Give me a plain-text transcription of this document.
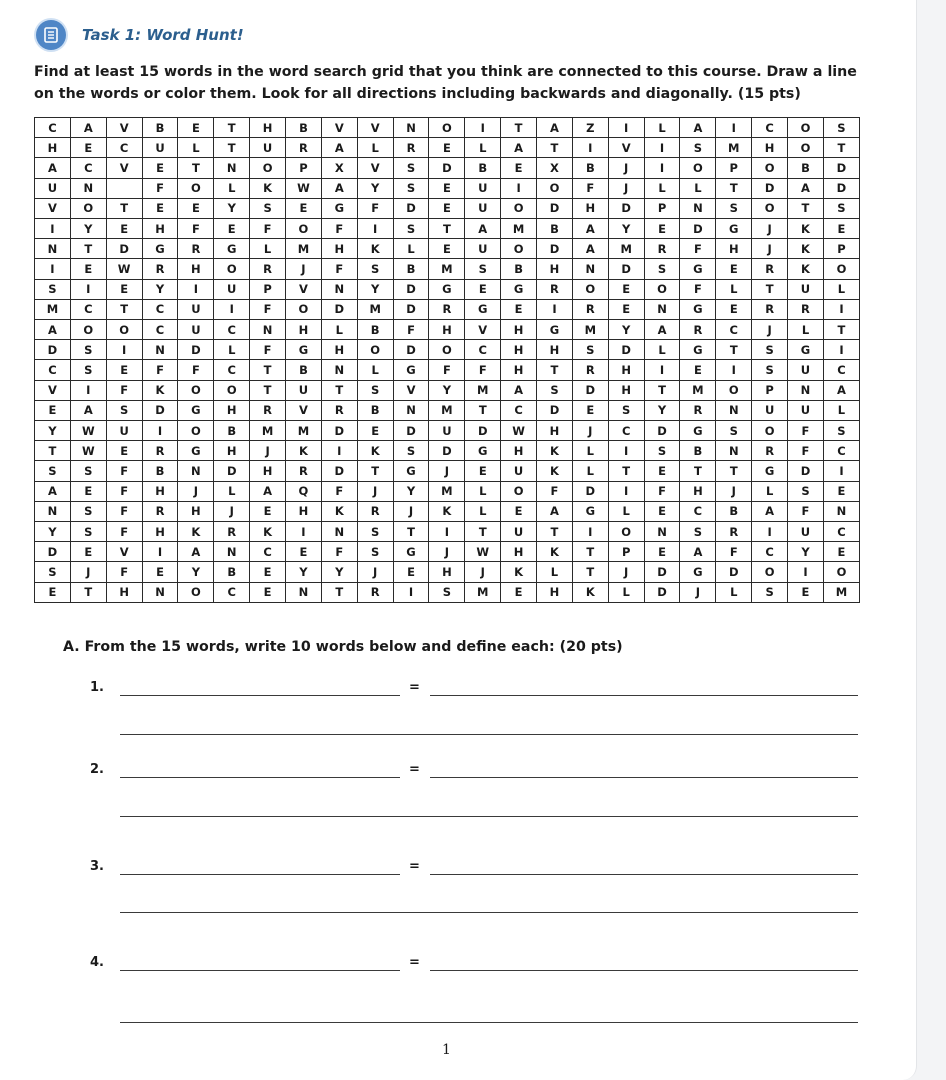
Task 1: Word Hunt!
Find at least 15 words in the word search grid that you think are connected to this course. Draw a line on the words or color them. Look for all directions including backwards and diagonally. (15 pts)
C	A	V	B	E	T	H	B	V	V	N	O	I	T	A	Z	I	L	A	I	C	O	S
H	E	C	U	L	T	U	R	A	L	R	E	L	A	T	I	V	I	S	M	H	O	T
A	C	V	E	T	N	O	P	X	V	S	D	B	E	X	B	J	I	O	P	O	B	D
U	N		F	O	L	K	W	A	Y	S	E	U	I	O	F	J	L	L	T	D	A	D
V	O	T	E	E	Y	S	E	G	F	D	E	U	O	D	H	D	P	N	S	O	T	S
I	Y	E	H	F	E	F	O	F	I	S	T	A	M	B	A	Y	E	D	G	J	K	E
N	T	D	G	R	G	L	M	H	K	L	E	U	O	D	A	M	R	F	H	J	K	P
I	E	W	R	H	O	R	J	F	S	B	M	S	B	H	N	D	S	G	E	R	K	O
S	I	E	Y	I	U	P	V	N	Y	D	G	E	G	R	O	E	O	F	L	T	U	L
M	C	T	C	U	I	F	O	D	M	D	R	G	E	I	R	E	N	G	E	R	R	I
A	O	O	C	U	C	N	H	L	B	F	H	V	H	G	M	Y	A	R	C	J	L	T
D	S	I	N	D	L	F	G	H	O	D	O	C	H	H	S	D	L	G	T	S	G	I
C	S	E	F	F	C	T	B	N	L	G	F	F	H	T	R	H	I	E	I	S	U	C
V	I	F	K	O	O	T	U	T	S	V	Y	M	A	S	D	H	T	M	O	P	N	A
E	A	S	D	G	H	R	V	R	B	N	M	T	C	D	E	S	Y	R	N	U	U	L
Y	W	U	I	O	B	M	M	D	E	D	U	D	W	H	J	C	D	G	S	O	F	S
T	W	E	R	G	H	J	K	I	K	S	D	G	H	K	L	I	S	B	N	R	F	C
S	S	F	B	N	D	H	R	D	T	G	J	E	U	K	L	T	E	T	T	G	D	I
A	E	F	H	J	L	A	Q	F	J	Y	M	L	O	F	D	I	F	H	J	L	S	E
N	S	F	R	H	J	E	H	K	R	J	K	L	E	A	G	L	E	C	B	A	F	N
Y	S	F	H	K	R	K	I	N	S	T	I	T	U	T	I	O	N	S	R	I	U	C
D	E	V	I	A	N	C	E	F	S	G	J	W	H	K	T	P	E	A	F	C	Y	E
S	J	F	E	Y	B	E	Y	Y	J	E	H	J	K	L	T	J	D	G	D	O	I	O
E	T	H	N	O	C	E	N	T	R	I	S	M	E	H	K	L	D	J	L	S	E	M
A. From the 15 words, write 10 words below and define each: (20 pts)
1.	=
2.	=
3.	=
4.	=
1
